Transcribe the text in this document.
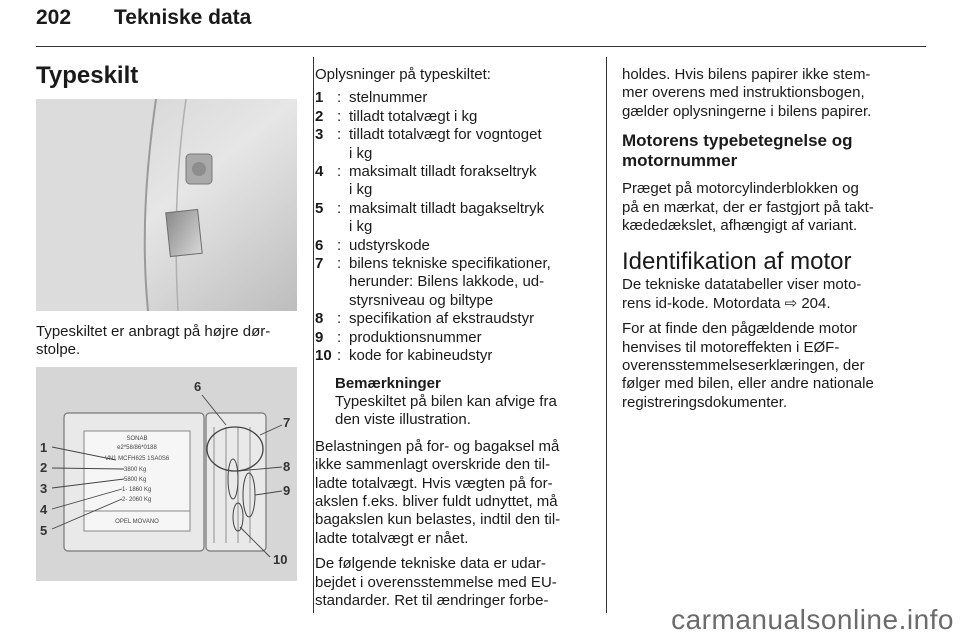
202 Tekniske data
Typeskilt
Typeskiltet er anbragt på højre dør-
stolpe.
SONAB
e2*58/86*0188
VN1 MCFH625 1SA0S6
3800 Kg
5800 Kg
1- 1860 Kg
2- 2060 Kg
OPEL MOVANO
1
2
3
4
5
6
7
8
9
10
Oplysninger på typeskiltet:
1 : stelnummer
2 : tilladt totalvægt i kg
3 : tilladt totalvægt for vogntoget
i kg
4 : maksimalt tilladt forakseltryk
i kg
5 : maksimalt tilladt bagakseltryk
i kg
6 : udstyrskode
7 : bilens tekniske specifikationer,
herunder: Bilens lakkode, ud-
styrsniveau og biltype
8 : specifikation af ekstraudstyr
9 : produktionsnummer
10 : kode for kabineudstyr
Bemærkninger
Typeskiltet på bilen kan afvige fra
den viste illustration.
Belastningen på for- og bagaksel må
ikke sammenlagt overskride den til-
ladte totalvægt. Hvis vægten på for-
akslen f.eks. bliver fuldt udnyttet, må
bagakslen kun belastes, indtil den til-
ladte totalvægt er nået.
De følgende tekniske data er udar-
bejdet i overensstemmelse med EU-
standarder. Ret til ændringer forbe-
holdes. Hvis bilens papirer ikke stem-
mer overens med instruktionsbogen,
gælder oplysningerne i bilens papirer.
Motorens typebetegnelse og
motornummer
Præget på motorcylinderblokken og
på en mærkat, der er fastgjort på takt-
kædedækslet, afhængigt af variant.
Identifikation af motor
De tekniske datatabeller viser moto-
rens id-kode. Motordata ⇨ 204.
For at finde den pågældende motor
henvises til motoreffekten i EØF-
overensstemmelseserklæringen, der
følger med bilen, eller andre nationale
registreringsdokumenter.
carmanualsonline.info
